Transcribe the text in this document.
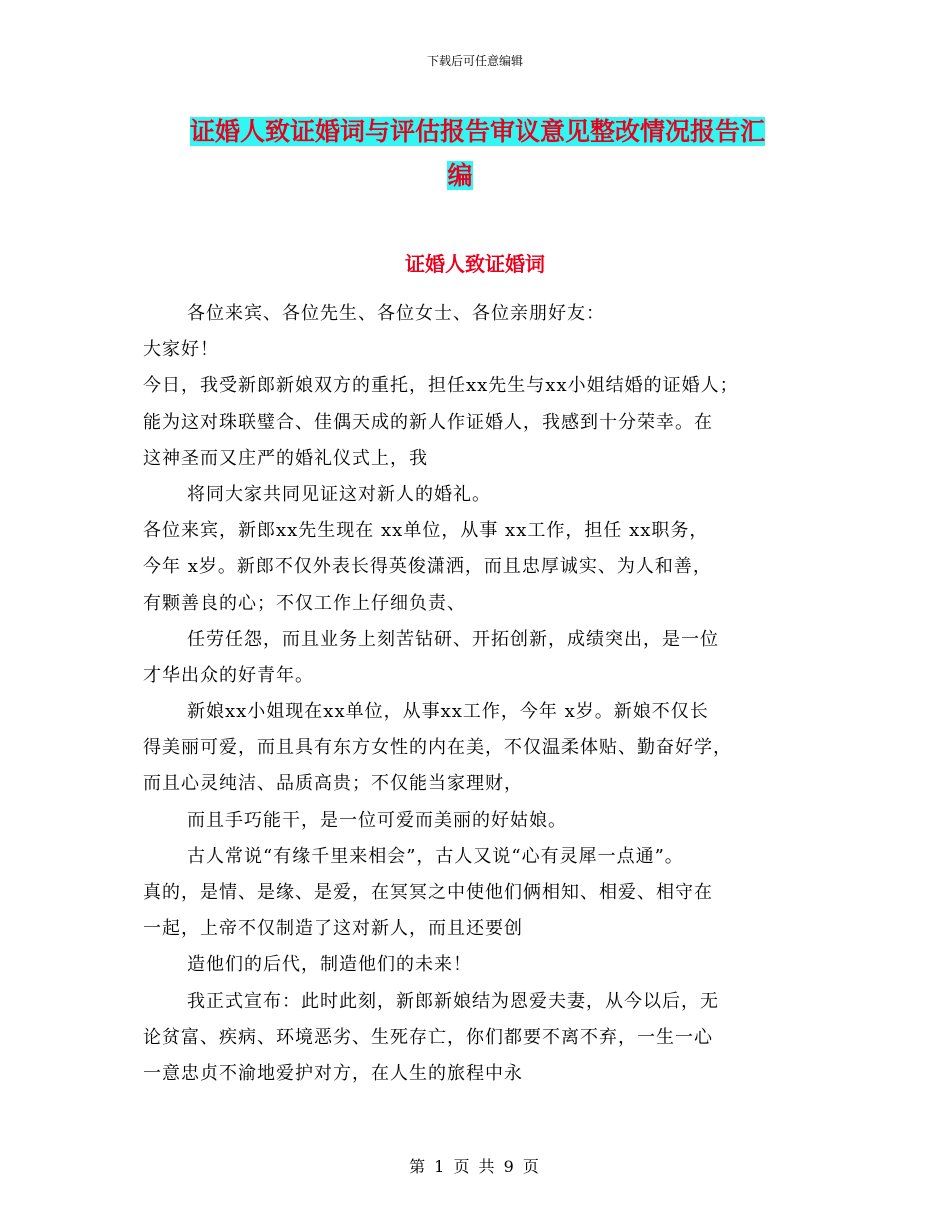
下载后可任意编辑
证婚人致证婚词与评估报告审议意见整改情况报告汇
编
证婚人致证婚词
各位来宾、各位先生、各位女士、各位亲朋好友：
大家好！
今日，我受新郎新娘双方的重托，担任xx先生与xx小姐结婚的证婚人；
能为这对珠联璧合、佳偶天成的新人作证婚人，我感到十分荣幸。在
这神圣而又庄严的婚礼仪式上，我
将同大家共同见证这对新人的婚礼。
各位来宾，新郎xx先生现在 xx单位，从事 xx工作，担任 xx职务，
今年 x岁。新郎不仅外表长得英俊潇洒，而且忠厚诚实、为人和善，
有颗善良的心；不仅工作上仔细负责、
任劳任怨，而且业务上刻苦钻研、开拓创新，成绩突出，是一位
才华出众的好青年。
新娘xx小姐现在xx单位，从事xx工作，今年 x岁。新娘不仅长
得美丽可爱，而且具有东方女性的内在美，不仅温柔体贴、勤奋好学，
而且心灵纯洁、品质高贵；不仅能当家理财，
而且手巧能干，是一位可爱而美丽的好姑娘。
古人常说“有缘千里来相会”，古人又说“心有灵犀一点通”。
真的，是情、是缘、是爱，在冥冥之中使他们俩相知、相爱、相守在
一起，上帝不仅制造了这对新人，而且还要创
造他们的后代，制造他们的未来！
我正式宣布：此时此刻，新郎新娘结为恩爱夫妻，从今以后，无
论贫富、疾病、环境恶劣、生死存亡，你们都要不离不弃，一生一心
一意忠贞不渝地爱护对方，在人生的旅程中永
第 1 页 共 9 页
